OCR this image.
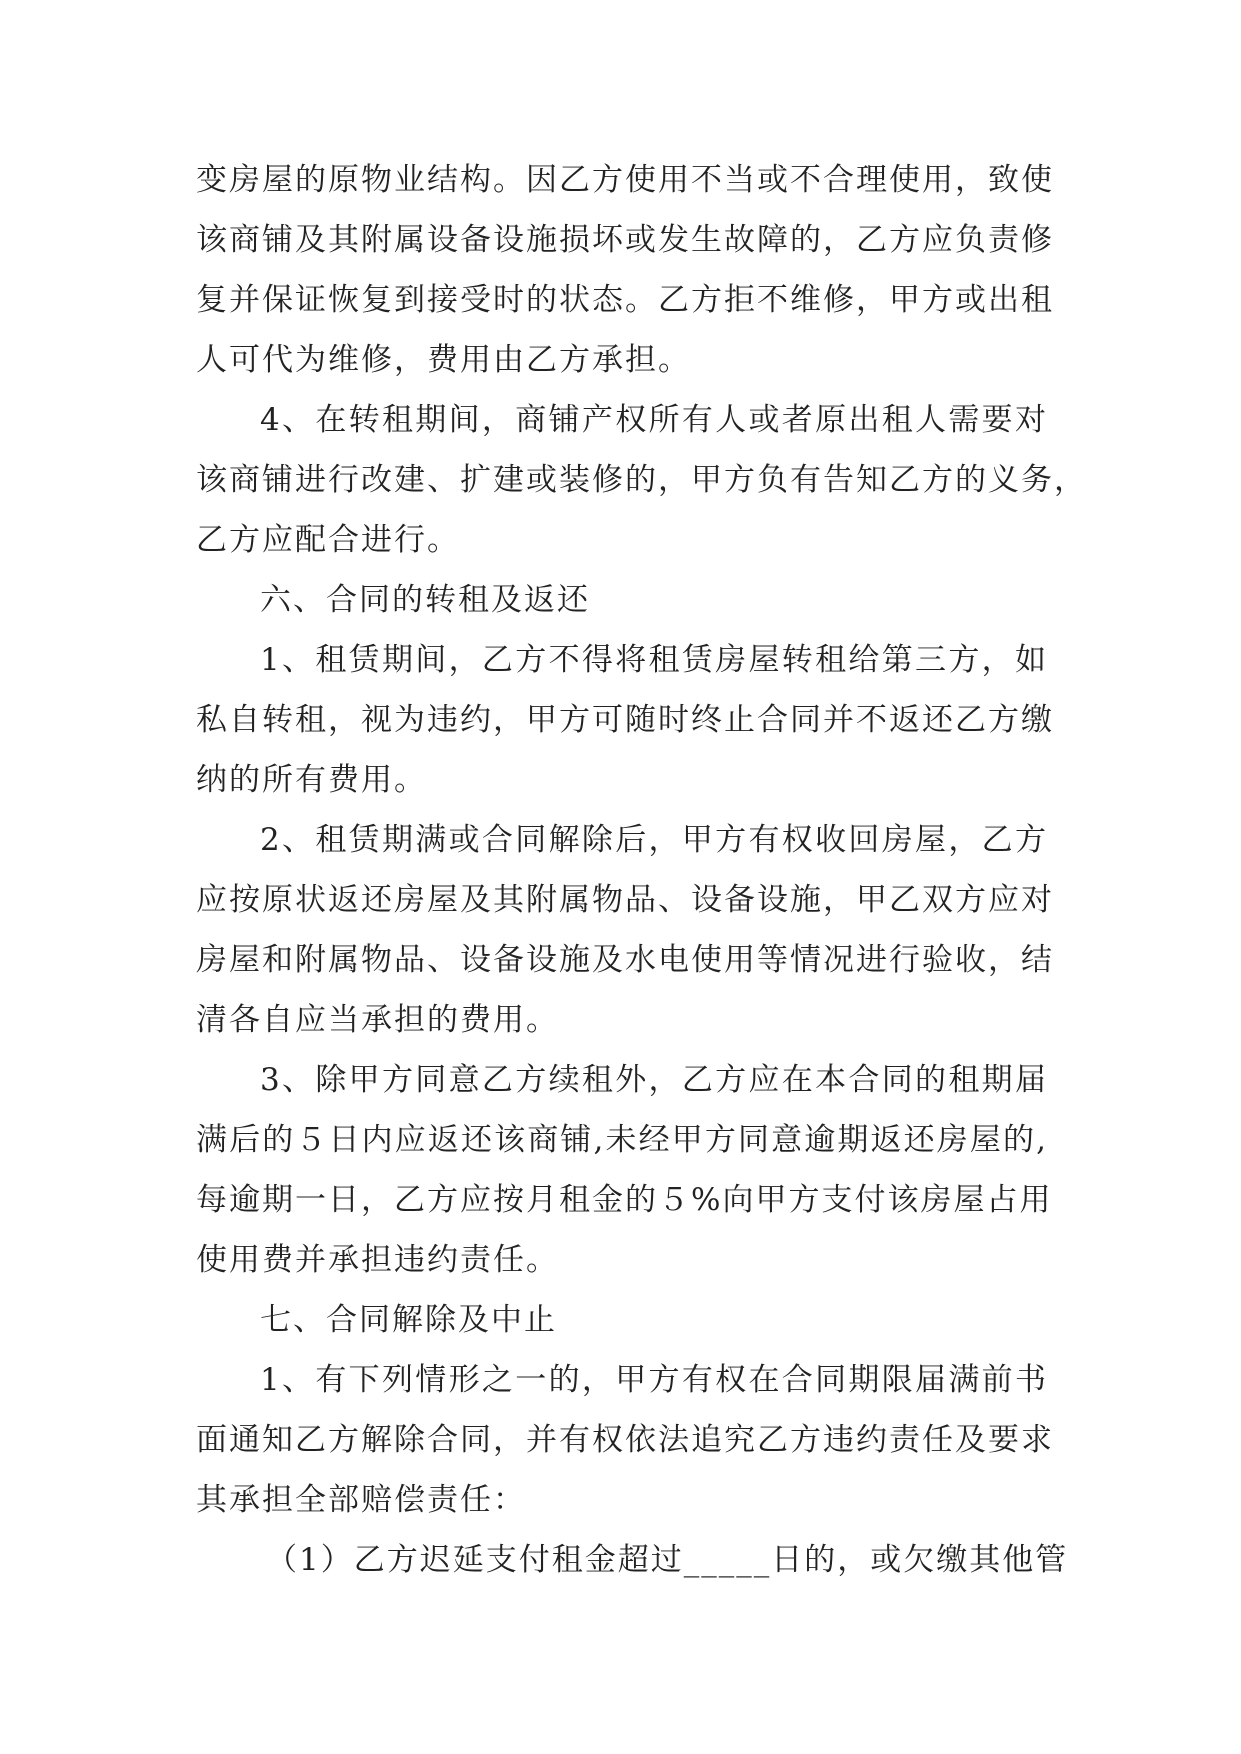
变房屋的原物业结构。因乙方使用不当或不合理使用，致使
该商铺及其附属设备设施损坏或发生故障的，乙方应负责修
复并保证恢复到接受时的状态。乙方拒不维修，甲方或出租
人可代为维修，费用由乙方承担。

4、在转租期间，商铺产权所有人或者原出租人需要对
该商铺进行改建、扩建或装修的，甲方负有告知乙方的义务，
乙方应配合进行。

六、合同的转租及返还

1、租赁期间，乙方不得将租赁房屋转租给第三方，如
私自转租，视为违约，甲方可随时终止合同并不返还乙方缴
纳的所有费用。

2、租赁期满或合同解除后，甲方有权收回房屋，乙方
应按原状返还房屋及其附属物品、设备设施，甲乙双方应对
房屋和附属物品、设备设施及水电使用等情况进行验收，结
清各自应当承担的费用。

3、除甲方同意乙方续租外，乙方应在本合同的租期届
满后的５日内应返还该商铺,未经甲方同意逾期返还房屋的,
每逾期一日，乙方应按月租金的５%向甲方支付该房屋占用
使用费并承担违约责任。

七、合同解除及中止

1、有下列情形之一的，甲方有权在合同期限届满前书
面通知乙方解除合同，并有权依法追究乙方违约责任及要求
其承担全部赔偿责任：

（1）乙方迟延支付租金超过_____日的，或欠缴其他管
